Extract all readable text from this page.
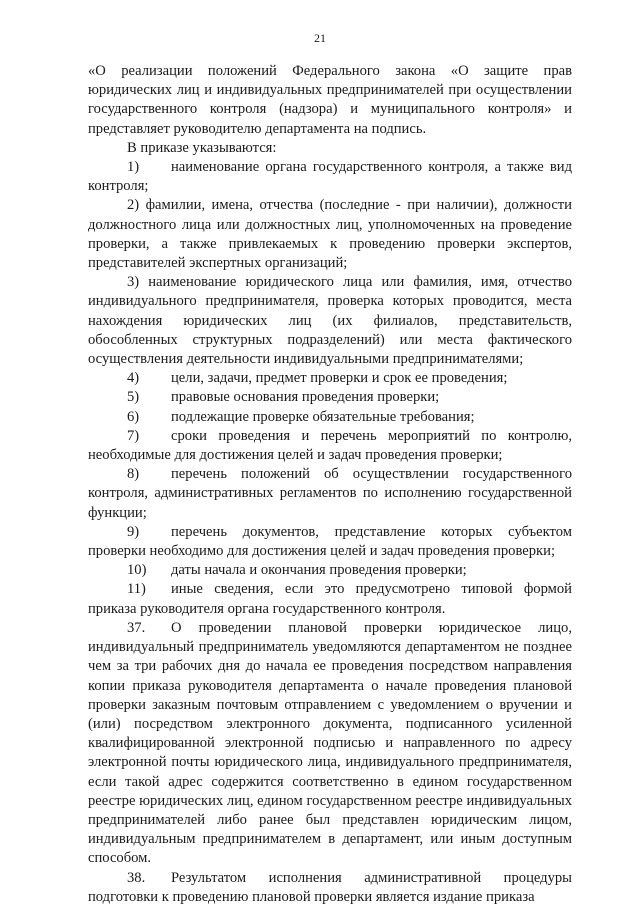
21

«О реализации положений Федерального закона «О защите прав юридических лиц и индивидуальных предпринимателей при осуществлении государственного контроля (надзора) и муниципального контроля» и представляет руководителю департамента на подпись.

В приказе указываются:

1) наименование органа государственного контроля, а также вид контроля;

2) фамилии, имена, отчества (последние - при наличии), должности должностного лица или должностных лиц, уполномоченных на проведение проверки, а также привлекаемых к проведению проверки экспертов, представителей экспертных организаций;

3) наименование юридического лица или фамилия, имя, отчество индивидуального предпринимателя, проверка которых проводится, места нахождения юридических лиц (их филиалов, представительств, обособленных структурных подразделений) или места фактического осуществления деятельности индивидуальными предпринимателями;

4) цели, задачи, предмет проверки и срок ее проведения;

5) правовые основания проведения проверки;

6) подлежащие проверке обязательные требования;

7) сроки проведения и перечень мероприятий по контролю, необходимые для достижения целей и задач проведения проверки;

8) перечень положений об осуществлении государственного контроля, административных регламентов по исполнению государственной функции;

9) перечень документов, представление которых субъектом проверки необходимо для достижения целей и задач проведения проверки;

10) даты начала и окончания проведения проверки;

11) иные сведения, если это предусмотрено типовой формой приказа руководителя органа государственного контроля.

37. О проведении плановой проверки юридическое лицо, индивидуальный предприниматель уведомляются департаментом не позднее чем за три рабочих дня до начала ее проведения посредством направления копии приказа руководителя департамента о начале проведения плановой проверки заказным почтовым отправлением с уведомлением о вручении и (или) посредством электронного документа, подписанного усиленной квалифицированной электронной подписью и направленного по адресу электронной почты юридического лица, индивидуального предпринимателя, если такой адрес содержится соответственно в едином государственном реестре юридических лиц, едином государственном реестре индивидуальных предпринимателей либо ранее был представлен юридическим лицом, индивидуальным предпринимателем в департамент, или иным доступным способом.

38. Результатом исполнения административной процедуры подготовки к проведению плановой проверки является издание приказа
